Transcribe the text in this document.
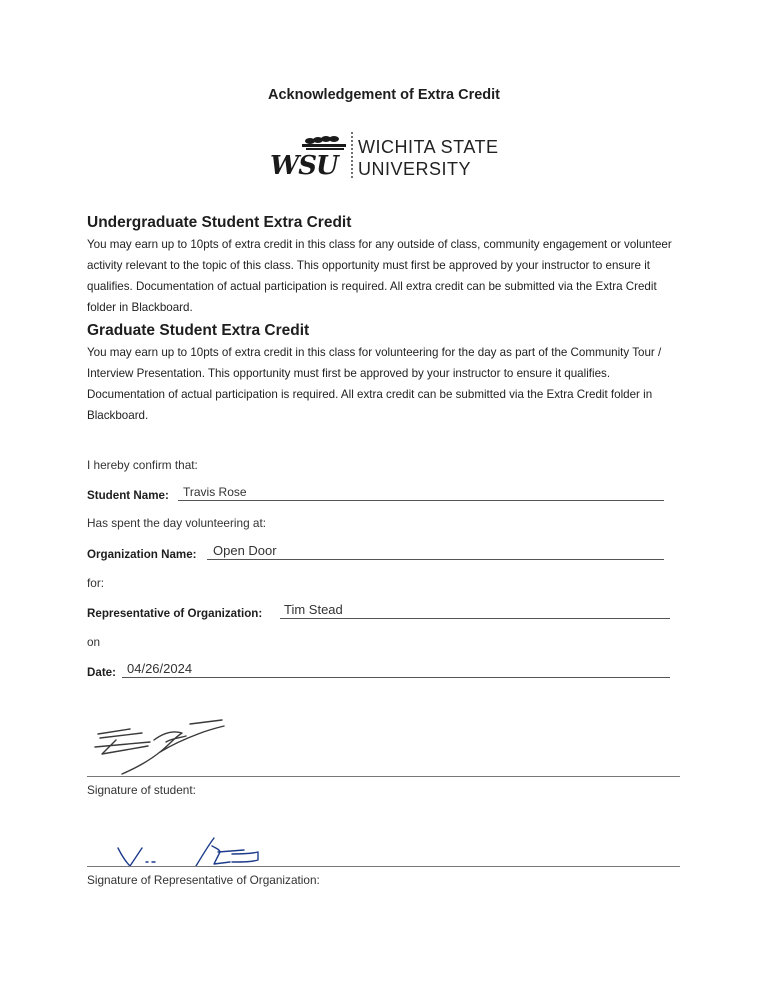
Acknowledgement of Extra Credit
WSU
WICHITA STATE
UNIVERSITY
Undergraduate Student Extra Credit
You may earn up to 10pts of extra credit in this class for any outside of class, community engagement or volunteer activity relevant to the topic of this class. This opportunity must first be approved by your instructor to ensure it qualifies. Documentation of actual participation is required. All extra credit can be submitted via the Extra Credit folder in Blackboard.
Graduate Student Extra Credit
You may earn up to 10pts of extra credit in this class for volunteering for the day as part of the Community Tour / Interview Presentation. This opportunity must first be approved by your instructor to ensure it qualifies. Documentation of actual participation is required. All extra credit can be submitted via the Extra Credit folder in Blackboard.
I hereby confirm that:
Student Name: Travis Rose
Has spent the day volunteering at:
Organization Name: Open Door
for:
Representative of Organization: Tim Stead
on
Date: 04/26/2024
Signature of student:
Signature of Representative of Organization:
